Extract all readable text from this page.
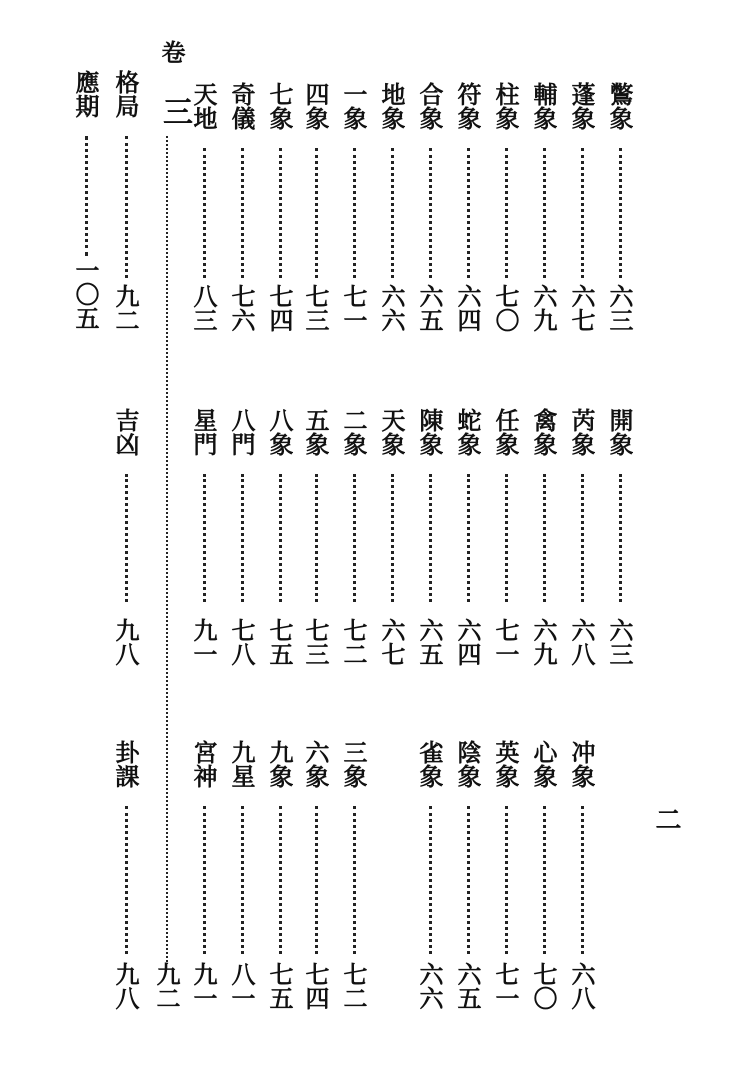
二
鷩象
六三
蓬象
六七
輔象
六九
柱象
七〇
符象
六四
合象
六五
地象
六六
一象
七一
四象
七三
七象
七四
奇儀
七六
天地
八三
卷
三
九二
格局
九二
應期
一〇五
開象
六三
芮象
六八
禽象
六九
任象
七一
蛇象
六四
陳象
六五
天象
六七
二象
七二
五象
七三
八象
七五
八門
七八
星門
九一
吉凶
九八
冲象
六八
心象
七〇
英象
七一
陰象
六五
雀象
六六
三象
七二
六象
七四
九象
七五
九星
八一
宮神
九一
卦課
九八
